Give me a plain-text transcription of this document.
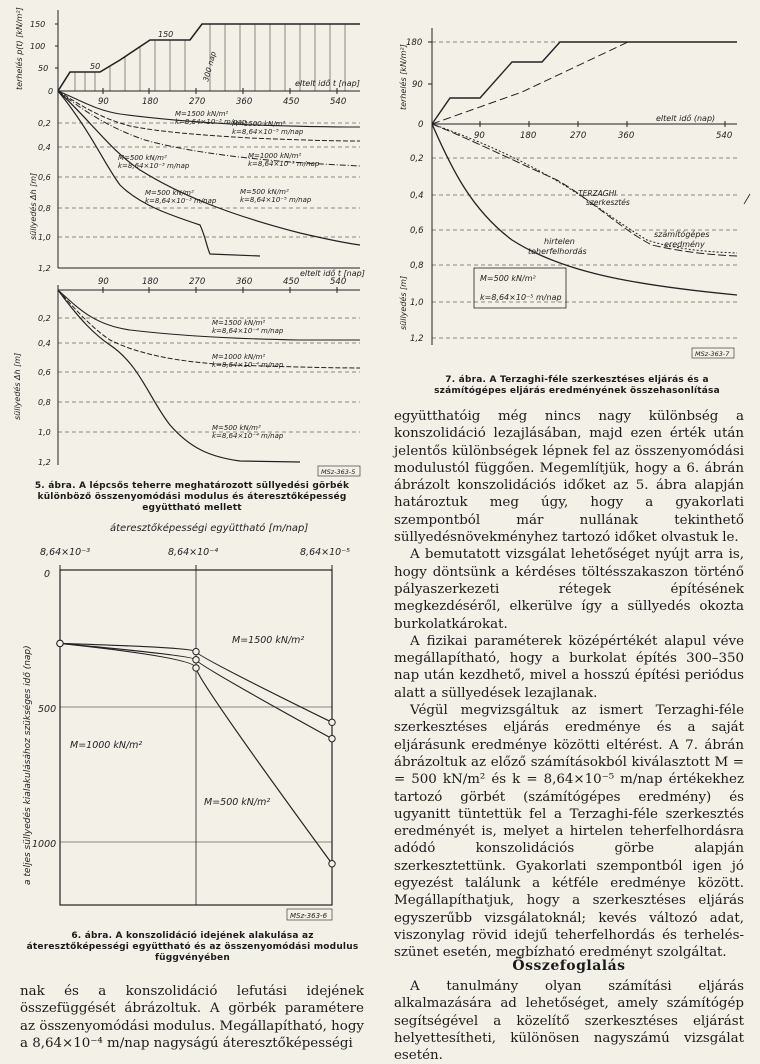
150
100
50
0
150
50	300 nap
90	180	270	360	450	540
eltelt idő t [nap]
terhelés p(t) [kN/m²]
süllyedés Δh [m]
0,2
0,4
0,6
0,8
1,0
1,2
M=1500 kN/m²
k=8,64×10⁻³ m/nap
M=1500 kN/m²
k=8,64×10⁻⁵ m/nap
M=1000 kN/m²
k=8,64×10⁻⁵ m/nap
M=500 kN/m²
k=8,64×10⁻³ m/nap
M=500 kN/m²
k=8,64×10⁻³ m/nap
M=500 kN/m²
k=8,64×10⁻⁵ m/nap
90	180	270	360	450	540
eltelt idő t [nap]
süllyedés Δh [m]
0,2
0,4
0,6
0,8
1,0
1,2
M=1500 kN/m²
k=8,64×10⁻⁴ m/nap
M=1000 kN/m²
k=8,64×10⁻⁴ m/nap
M=500 kN/m²
k=8,64×10⁻⁴ m/nap
MSz-363-5
5. ábra. A lépcsős teherre meghatározott süllyedési görbék különböző összenyomódási modulus és áteresztőképesség együttható mellett
áteresztőképességi együttható [m/nap]
8,64×10⁻³	8,64×10⁻⁴	8,64×10⁻⁵
0
500
1000
a teljes süllyedés kialakulásához szükséges idő (nap)
M=1500 kN/m²
M=1000 kN/m²
M=500 kN/m²
MSz-363-6
6. ábra. A konszolidáció idejének alakulása az áteresztőképességi együttható és az összenyomódási modulus függvényében

nak és a konszolidáció lefutási idejének összefüggését ábrázoltuk. A görbék paramétere az összenyomódási modulus. Megállapítható, hogy a 8,64×10⁻⁴ m/nap nagyságú áteresztőképességi

terhelés [kN/m²]
180
90
0
90	180	270	360	540
eltelt idő (nap)
süllyedés [m]
0,2
0,4
0,6
0,8
1,0
1,2
TERZAGHI
szerkesztés
számítógépes
eredmény
hirtelen
teherfelhordás
M=500 kN/m²
k=8,64×10⁻⁵ m/nap
MSz-363-7
7. ábra. A Terzaghi-féle szerkesztéses eljárás és a számítógépes eljárás eredményének összehasonlítása

együtthatóig még nincs nagy különbség a konszolidáció lezajlásában, majd ezen érték után jelentős különbségek lépnek fel az összenyomódási modulustól függően. Megemlítjük, hogy a 6. ábrán ábrázolt konszolidációs időket az 5. ábra alapján határoztuk meg úgy, hogy a gyakorlati szempontból már nullának tekinthető süllyedésnövekményhez tartozó időket olvastuk le.

A bemutatott vizsgálat lehetőséget nyújt arra is, hogy döntsünk a kérdéses töltésszakaszon történő pályaszerkezeti rétegek építésének megkezdéséről, elkerülve így a süllyedés okozta burkolatkárokat.

A fizikai paraméterek középértékét alapul véve megállapítható, hogy a burkolat építés 300–350 nap után kezdhető, mivel a hosszú építési periódus alatt a süllyedések lezajlanak.

Végül megvizsgáltuk az ismert Terzaghi-féle szerkesztéses eljárás eredménye és a saját eljárásunk eredménye közötti eltérést. A 7. ábrán ábrázoltuk az előző számításokból kiválasztott M = = 500 kN/m² és k = 8,64×10⁻⁵ m/nap értékekhez tartozó görbét (számítógépes eredmény) és ugyanitt tüntettük fel a Terzaghi-féle szerkesztés eredményét is, melyet a hirtelen teherfelhordásra adódó konszolidációs görbe alapján szerkesztettünk. Gyakorlati szempontból igen jó egyezést találunk a kétféle eredménye között. Megállapíthatjuk, hogy a szerkesztéses eljárás egyszerűbb vizsgálatoknál; kevés változó adat, viszonylag rövid idejű teherfelhordás és terhelés-szünet esetén, megbízható eredményt szolgáltat.

Összefoglalás

A tanulmány olyan számítási eljárás alkalmazására ad lehetőséget, amely számítógép segítségével a közelítő szerkesztéses eljárást helyettesítheti, különösen nagyszámú vizsgálat esetén.
